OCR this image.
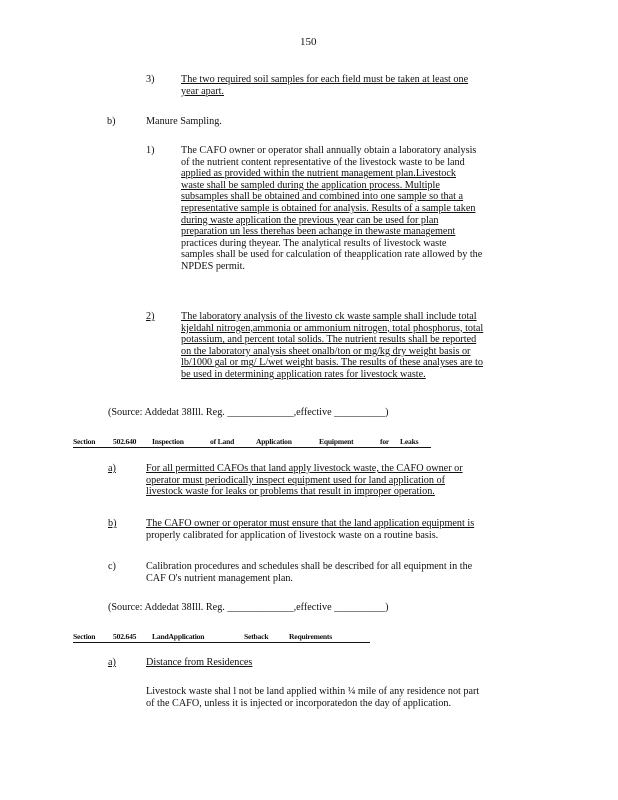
150
3)	The two required soil samples for each field must be taken at least one
year apart.
b)	Manure Sampling.
1)	The CAFO owner or operator shall annually obtain a laboratory analysis
of the nutrient content representative of the livestock waste to be land
applied as provided within the nutrient management plan.Livestock
waste shall be sampled during the application process. Multiple
subsamples shall be obtained and combined into one sample so that a
representative sample is obtained for analysis. Results of a sample taken
during waste application the previous year can be used for plan
preparation un less therehas been achange in thewaste management
practices during theyear. The analytical results of livestock waste
samples shall be used for calculation of theapplication rate allowed by the
NPDES permit.
2)	The laboratory analysis of the livesto ck waste sample shall include total
kjeldahl nitrogen,ammonia or ammonium nitrogen, total phosphorus, total
potassium, and percent total solids. The nutrient results shall be reported
on the laboratory analysis sheet onalb/ton or mg/kg dry weight basis or
lb/1000 gal or mg/ L/wet weight basis. The results of these analyses are to
be used in determining application rates for livestock waste.
(Source: Addedat 38Ill. Reg. _____________,effective __________)
Section 502.640 Inspection	of Land	Application	Equipment	for Leaks
a)	For all permitted CAFOs that land apply livestock waste, the CAFO owner or
operator must periodically inspect equipment used for land application of
livestock waste for leaks or problems that result in improper operation.
b)	The CAFO owner or operator must ensure that the land application equipment is
properly calibrated for application of livestock waste on a routine basis.
c)	Calibration procedures and schedules shall be described for all equipment in the
CAF O's nutrient management plan.
(Source: Addedat 38Ill. Reg. _____________,effective __________)
Section 502.645 LandApplication	Setback	Requirements
a)	Distance from Residences
Livestock waste shal l not be land applied within ¼ mile of any residence not part
of the CAFO, unless it is injected or incorporatedon the day of application.
